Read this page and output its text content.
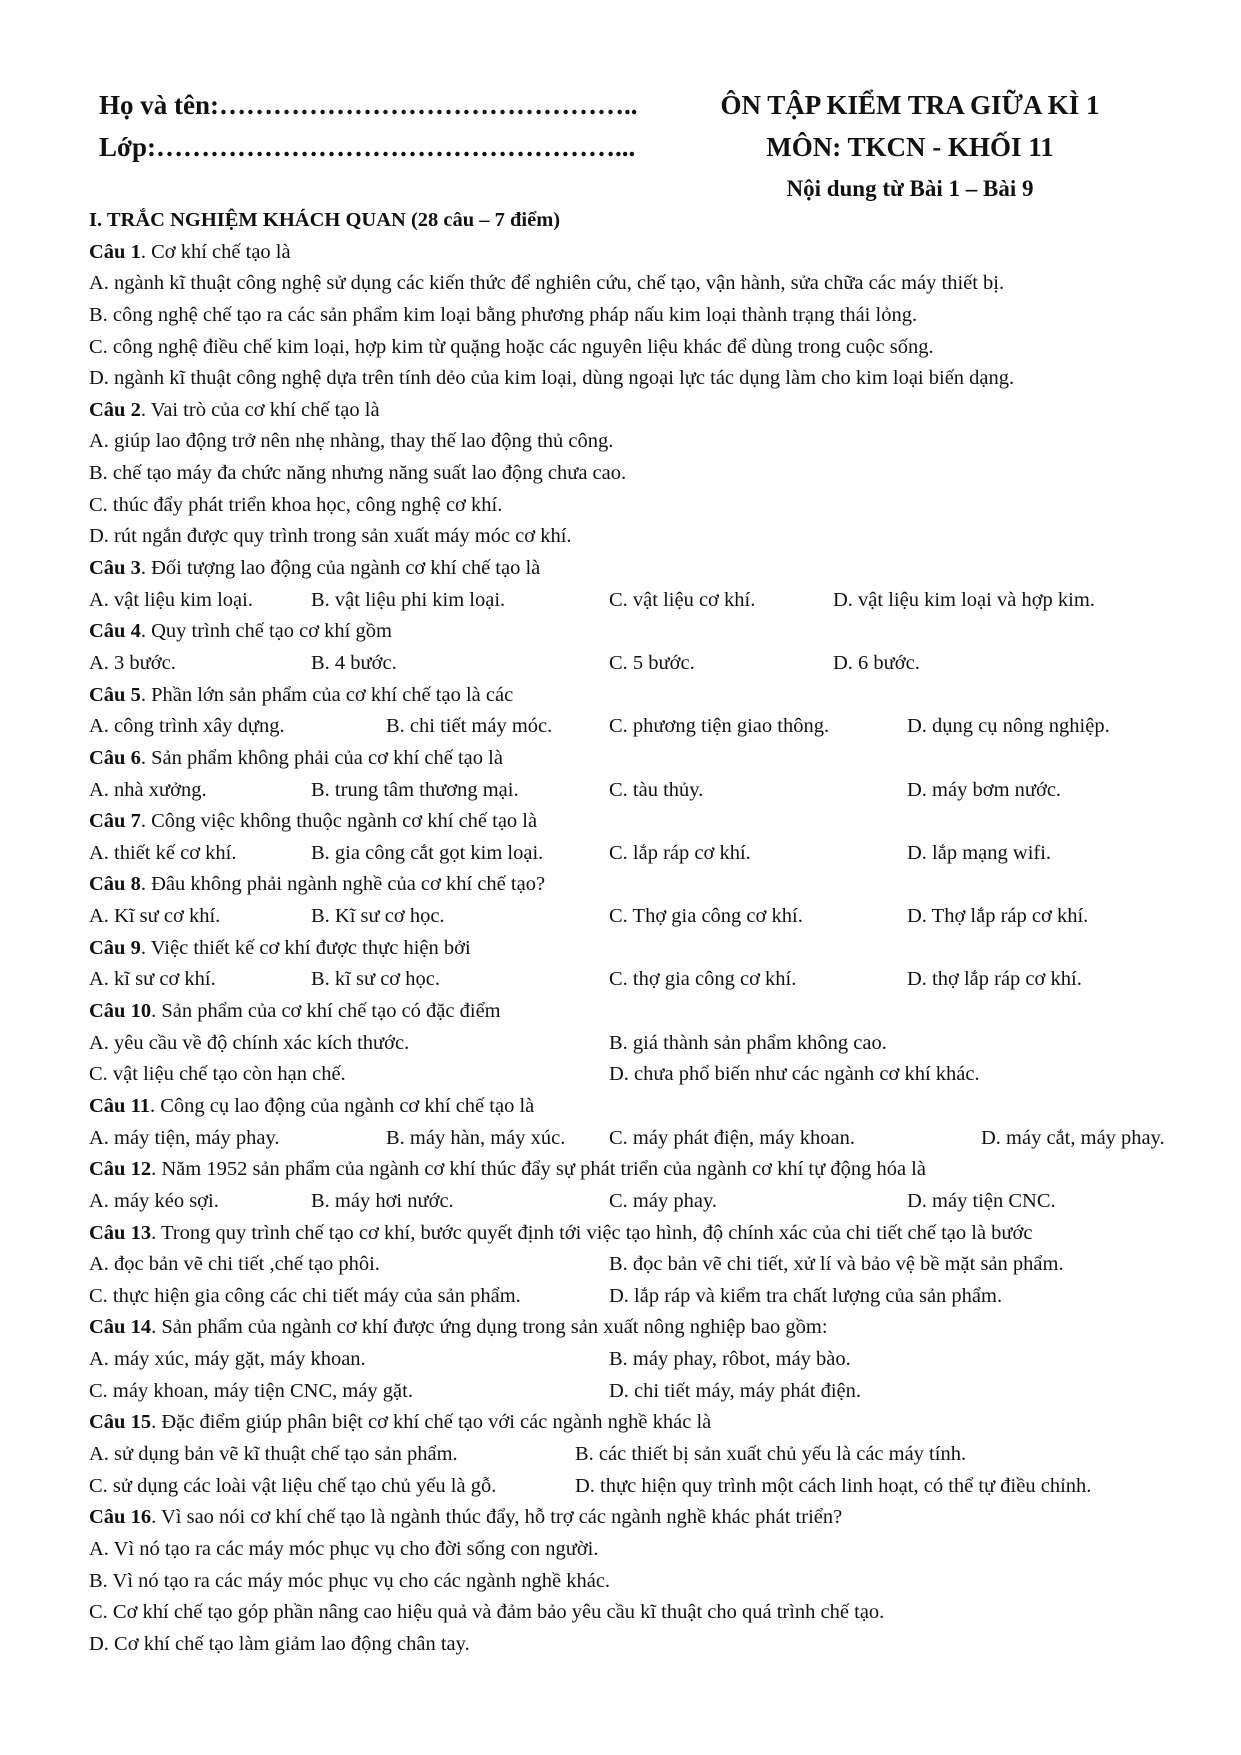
Họ và tên:………………………………………..
Lớp:……………………………………………...
ÔN TẬP KIỂM TRA GIỮA KÌ 1
MÔN: TKCN - KHỐI 11
Nội dung từ Bài 1 – Bài 9
I. TRẮC NGHIỆM KHÁCH QUAN (28 câu – 7 điểm)
Câu 1. Cơ khí chế tạo là
A. ngành kĩ thuật công nghệ sử dụng các kiến thức để nghiên cứu, chế tạo, vận hành, sửa chữa các máy thiết bị.
B. công nghệ chế tạo ra các sản phẩm kim loại bằng phương pháp nấu kim loại thành trạng thái lỏng.
C. công nghệ điều chế kim loại, hợp kim từ quặng hoặc các nguyên liệu khác để dùng trong cuộc sống.
D. ngành kĩ thuật công nghệ dựa trên tính dẻo của kim loại, dùng ngoại lực tác dụng làm cho kim loại biến dạng.
Câu 2. Vai trò của cơ khí chế tạo là
A. giúp lao động trở nên nhẹ nhàng, thay thế lao động thủ công.
B. chế tạo máy đa chức năng nhưng năng suất lao động chưa cao.
C. thúc đẩy phát triển khoa học, công nghệ cơ khí.
D. rút ngắn được quy trình trong sản xuất máy móc cơ khí.
Câu 3. Đối tượng lao động của ngành cơ khí chế tạo là
A. vật liệu kim loại.	B. vật liệu phi kim loại.	C. vật liệu cơ khí.	D. vật liệu kim loại và hợp kim.
Câu 4. Quy trình chế tạo cơ khí gồm
A. 3 bước.	B. 4 bước.	C. 5 bước.	D. 6 bước.
Câu 5. Phần lớn sản phẩm của cơ khí chế tạo là các
A. công trình xây dựng.	B. chi tiết máy móc.	C. phương tiện giao thông.	D. dụng cụ nông nghiệp.
Câu 6. Sản phẩm không phải của cơ khí chế tạo là
A. nhà xưởng.	B. trung tâm thương mại.	C. tàu thủy.	D. máy bơm nước.
Câu 7. Công việc không thuộc ngành cơ khí chế tạo là
A. thiết kế cơ khí.	B. gia công cắt gọt kim loại.	C. lắp ráp cơ khí.	D. lắp mạng wifi.
Câu 8. Đâu không phải ngành nghề của cơ khí chế tạo?
A. Kĩ sư cơ khí.	B. Kĩ sư cơ học.	C. Thợ gia công cơ khí.	D. Thợ lắp ráp cơ khí.
Câu 9. Việc thiết kế cơ khí được thực hiện bởi
A. kĩ sư cơ khí.	B. kĩ sư cơ học.	C. thợ gia công cơ khí.	D. thợ lắp ráp cơ khí.
Câu 10. Sản phẩm của cơ khí chế tạo có đặc điểm
A. yêu cầu về độ chính xác kích thước.	B. giá thành sản phẩm không cao.
C. vật liệu chế tạo còn hạn chế.	D. chưa phổ biến như các ngành cơ khí khác.
Câu 11. Công cụ lao động của ngành cơ khí chế tạo là
A. máy tiện, máy phay.	B. máy hàn, máy xúc. C. máy phát điện, máy khoan.	D. máy cắt, máy phay.
Câu 12. Năm 1952 sản phẩm của ngành cơ khí thúc đẩy sự phát triển của ngành cơ khí tự động hóa là
A. máy kéo sợi.	B. máy hơi nước.	C. máy phay.	D. máy tiện CNC.
Câu 13. Trong quy trình chế tạo cơ khí, bước quyết định tới việc tạo hình, độ chính xác của chi tiết chế tạo là bước
A. đọc bản vẽ chi tiết ,chế tạo phôi.	B. đọc bản vẽ chi tiết, xử lí và bảo vệ bề mặt sản phẩm.
C. thực hiện gia công các chi tiết máy của sản phẩm.	D. lắp ráp và kiểm tra chất lượng của sản phẩm.
Câu 14. Sản phẩm của ngành cơ khí được ứng dụng trong sản xuất nông nghiệp bao gồm:
A. máy xúc, máy gặt, máy khoan.	B. máy phay, rôbot, máy bào.
C. máy khoan, máy tiện CNC, máy gặt.	D. chi tiết máy, máy phát điện.
Câu 15. Đặc điểm giúp phân biệt cơ khí chế tạo với các ngành nghề khác là
A. sử dụng bản vẽ kĩ thuật chế tạo sản phẩm.	B. các thiết bị sản xuất chủ yếu là các máy tính.
C. sử dụng các loài vật liệu chế tạo chủ yếu là gỗ.	D. thực hiện quy trình một cách linh hoạt, có thể tự điều chỉnh.
Câu 16. Vì sao nói cơ khí chế tạo là ngành thúc đẩy, hỗ trợ các ngành nghề khác phát triển?
A. Vì nó tạo ra các máy móc phục vụ cho đời sống con người.
B. Vì nó tạo ra các máy móc phục vụ cho các ngành nghề khác.
C. Cơ khí chế tạo góp phần nâng cao hiệu quả và đảm bảo yêu cầu kĩ thuật cho quá trình chế tạo.
D. Cơ khí chế tạo làm giảm lao động chân tay.
